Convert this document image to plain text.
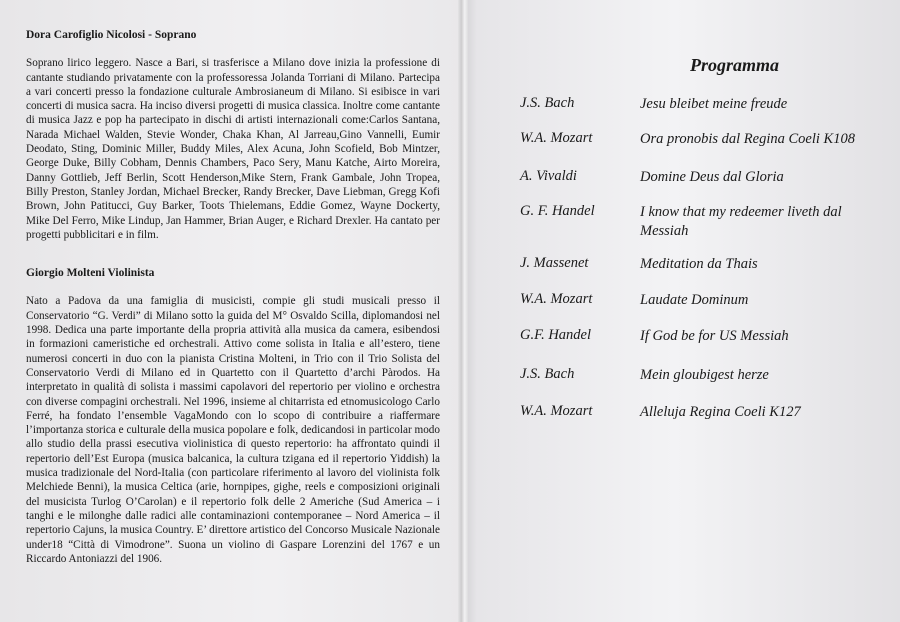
Dora Carofiglio Nicolosi - Soprano

Soprano lirico leggero. Nasce a Bari, si trasferisce a Milano dove inizia la professione di cantante studiando privatamente con la professoressa Jolanda Torriani di Milano. Partecipa a vari concerti presso la fondazione culturale Ambrosianeum di Milano. Si esibisce in vari concerti di musica sacra. Ha inciso diversi progetti di musica classica. Inoltre come cantante di musica Jazz e pop ha partecipato in dischi di artisti internazionali come:Carlos Santana, Narada Michael Walden, Stevie Wonder, Chaka Khan, Al Jarreau,Gino Vannelli, Eumir Deodato, Sting, Dominic Miller, Buddy Miles, Alex Acuna, John Scofield, Bob Mintzer, George Duke, Billy Cobham, Dennis Chambers, Paco Sery, Manu Katche, Airto Moreira, Danny Gottlieb, Jeff Berlin, Scott Henderson,Mike Stern, Frank Gambale, John Tropea, Billy Preston, Stanley Jordan, Michael Brecker, Randy Brecker, Dave Liebman, Gregg Kofi Brown, John Patitucci, Guy Barker, Toots Thielemans, Eddie Gomez, Wayne Dockerty, Mike Del Ferro, Mike Lindup, Jan Hammer, Brian Auger, e Richard Drexler. Ha cantato per progetti pubblicitari e in film.

Giorgio Molteni Violinista

Nato a Padova da una famiglia di musicisti, compie gli studi musicali presso il Conservatorio “G. Verdi” di Milano sotto la guida del M° Osvaldo Scilla, diplomandosi nel 1998. Dedica una parte importante della propria attività alla musica da camera, esibendosi in formazioni cameristiche ed orchestrali. Attivo come solista in Italia e all’estero, tiene numerosi concerti in duo con la pianista Cristina Molteni, in Trio con il Trio Solista del Conservatorio Verdi di Milano ed in Quartetto con il Quartetto d’archi Pàrodos. Ha interpretato in qualità di solista i massimi capolavori del repertorio per violino e orchestra con diverse compagini orchestrali. Nel 1996, insieme al chitarrista ed etnomusicologo Carlo Ferré, ha fondato l’ensemble VagaMondo con lo scopo di contribuire a riaffermare l’importanza storica e culturale della musica popolare e folk, dedicandosi in particolar modo allo studio della prassi esecutiva violinistica di questo repertorio: ha affrontato quindi il repertorio dell’Est Europa (musica balcanica, la cultura tzigana ed il repertorio Yiddish) la musica tradizionale del Nord-Italia (con particolare riferimento al lavoro del violinista folk Melchiede Benni), la musica Celtica (arie, hornpipes, gighe, reels e composizioni originali del musicista Turlog O’Carolan) e il repertorio folk delle 2 Americhe (Sud America – i tanghi e le milonghe dalle radici alle contaminazioni contemporanee – Nord America – il repertorio Cajuns, la musica Country. E’ direttore artistico del Concorso Musicale Nazionale under18 “Città di Vimodrone”. Suona un violino di Gaspare Lorenzini del 1767 e un Riccardo Antoniazzi del 1906.

Programma
J.S. Bach	Jesu bleibet meine freude
W.A. Mozart	Ora pronobis dal Regina Coeli K108
A. Vivaldi	Domine Deus dal Gloria
G. F. Handel	I know that my redeemer liveth dal Messiah
J. Massenet	Meditation da Thais
W.A. Mozart	Laudate Dominum
G.F. Handel	If God be for US Messiah
J.S. Bach	Mein gloubigest herze
W.A. Mozart	Alleluja Regina Coeli K127
